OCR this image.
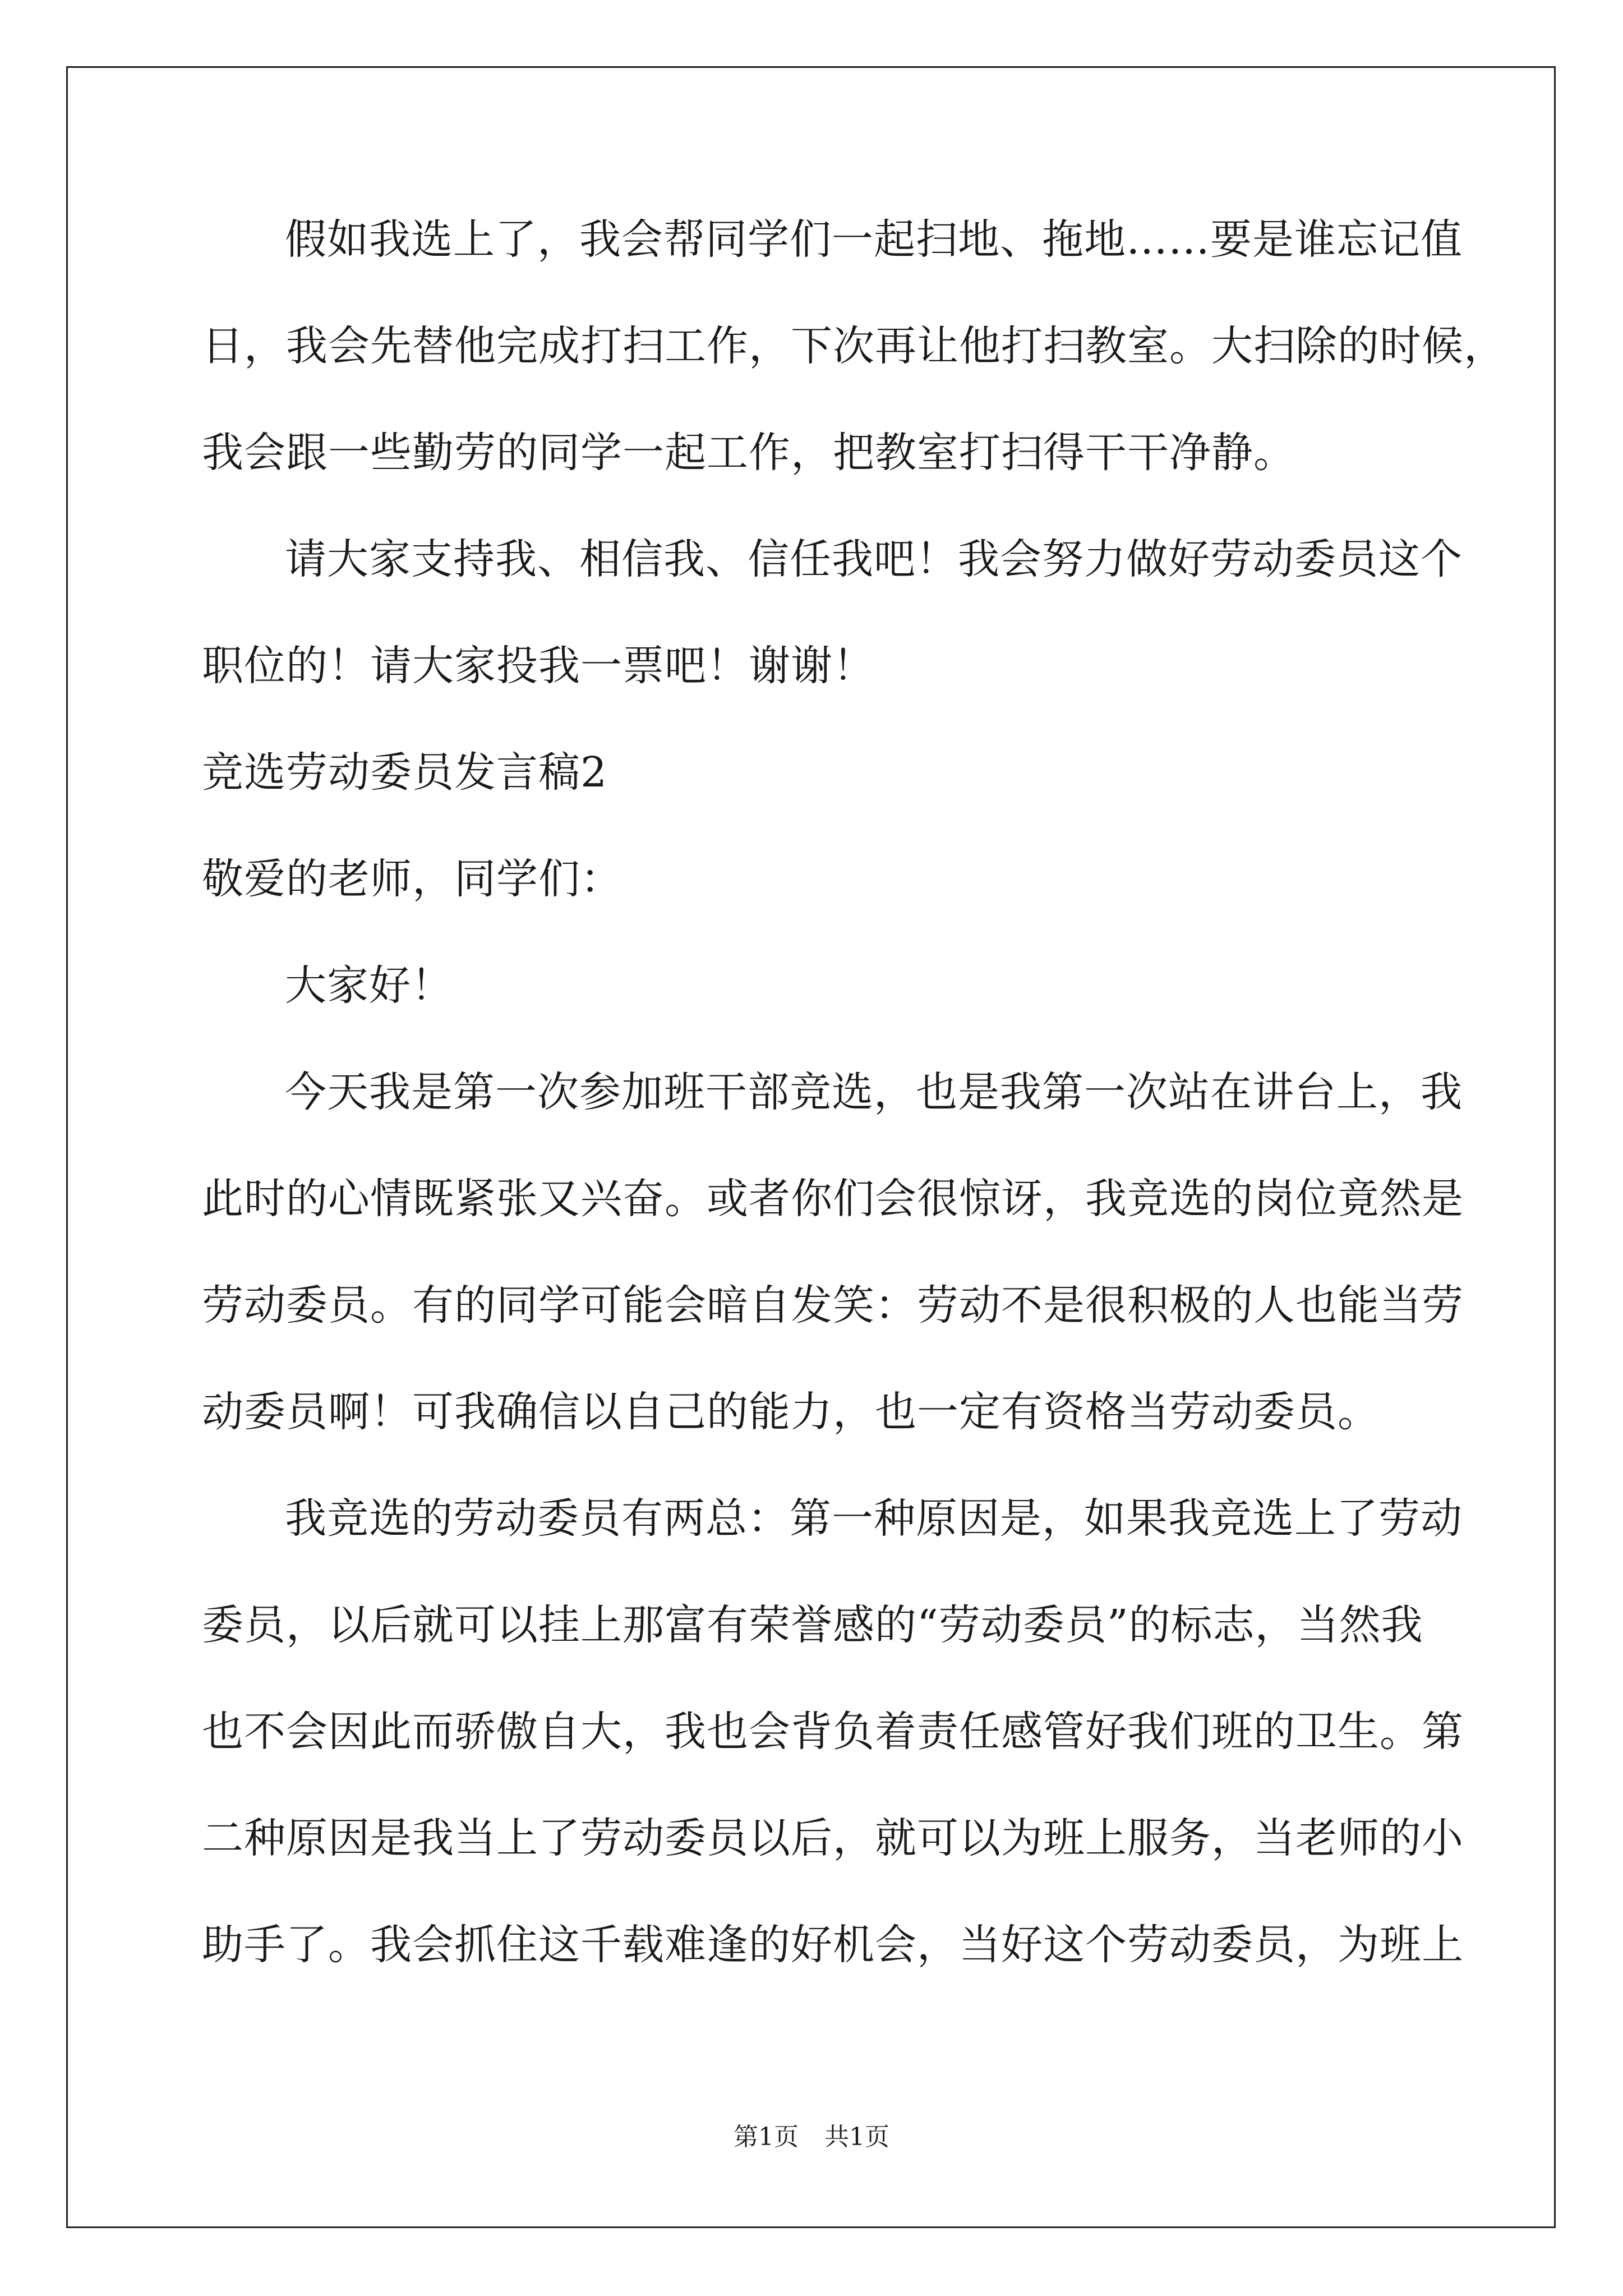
假如我选上了，我会帮同学们一起扫地、拖地……要是谁忘记值
日，我会先替他完成打扫工作，下次再让他打扫教室。大扫除的时候，
我会跟一些勤劳的同学一起工作，把教室打扫得干干净静。
请大家支持我、相信我、信任我吧！我会努力做好劳动委员这个
职位的！请大家投我一票吧！谢谢！
竞选劳动委员发言稿2
敬爱的老师，同学们：
大家好！
今天我是第一次参加班干部竞选，也是我第一次站在讲台上，我
此时的心情既紧张又兴奋。或者你们会很惊讶，我竞选的岗位竟然是
劳动委员。有的同学可能会暗自发笑：劳动不是很积极的人也能当劳
动委员啊！可我确信以自己的能力，也一定有资格当劳动委员。
我竞选的劳动委员有两总：第一种原因是，如果我竞选上了劳动
委员，以后就可以挂上那富有荣誉感的“劳动委员”的标志，当然我
也不会因此而骄傲自大，我也会背负着责任感管好我们班的卫生。第
二种原因是我当上了劳动委员以后，就可以为班上服务，当老师的小
助手了。我会抓住这千载难逢的好机会，当好这个劳动委员，为班上
第1页 共1页
